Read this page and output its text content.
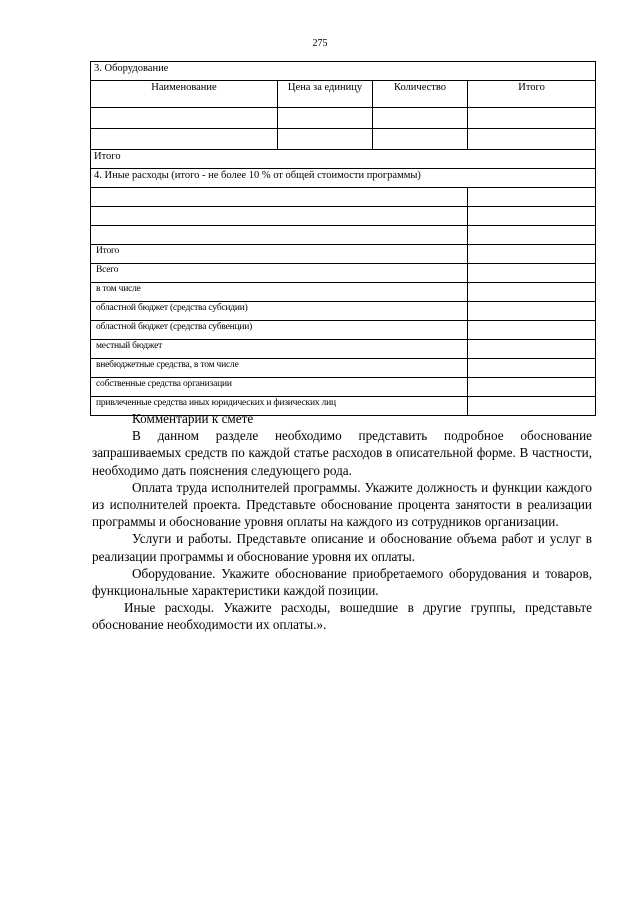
275
3. Оборудование			
Наименование	Цена за единицу	Количество	Итого

Итого			
4. Иные расходы (итого - не более 10 % от общей стоимости программы)			

Итого			
Всего			
в том числе			
областной бюджет (средства субсидии)			
областной бюджет (средства субвенции)			
местный бюджет			
внебюджетные средства, в том числе			
собственные средства организации			
привлеченные средства иных юридических и физических лиц			

Комментарии к смете

В данном разделе необходимо представить подробное обоснование запрашиваемых средств по каждой статье расходов в описательной форме. В частности, необходимо дать пояснения следующего рода.

Оплата труда исполнителей программы. Укажите должность и функции каждого из исполнителей проекта. Представьте обоснование процента занятости в реализации программы и обоснование уровня оплаты на каждого из сотрудников организации.

Услуги и работы. Представьте описание и обоснование объема работ и услуг в реализации программы и обоснование уровня их оплаты.

Оборудование. Укажите обоснование приобретаемого оборудования и товаров, функциональные характеристики каждой позиции.

Иные расходы. Укажите расходы, вошедшие в другие группы, представьте обоснование необходимости их оплаты.».
